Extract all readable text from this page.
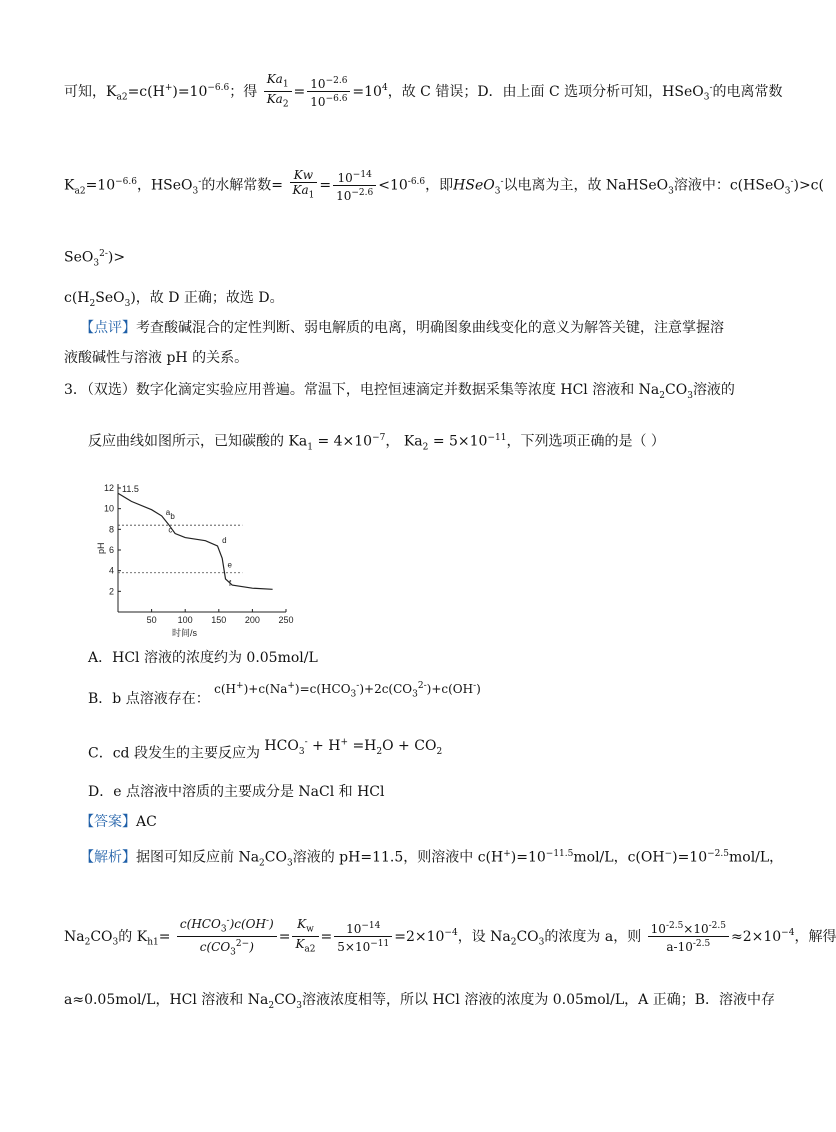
可知，$K_{a2}=c(H^+)=10^{-6.6}$；得 $\frac{Ka_1}{Ka_2} = \frac{10^{-2.6}}{10^{-6.6}} =10^4$，故 C 错误；D．由上面 C 选项分析可知，HSeO$_3$-的电离常数
$K_{a2}=10^{-6.6}$，HSeO$_3$-的水解常数= $\frac{Kw}{Ka_1} = \frac{10^{-14}}{10^{-2.6}} <10^{-6.6}$，即HSeO$_3$-以电离为主，故 NaHSeO$_3$溶液中：c(HSeO$_3$-)>c(
SeO$_3^{2-}$)>
$c(H_2SeO_3)$，故 D 正确；故选 D。
【点评】考查酸碱混合的定性判断、弱电解质的电离，明确图象曲线变化的意义为解答关键，注意掌握溶
液酸碱性与溶液 pH 的关系。
3．（双选）数字化滴定实验应用普遍。常温下，电控恒速滴定并数据采集等浓度 HCl 溶液和 $Na_2CO_3$溶液的
反应曲线如图所示，已知碳酸的 $Ka_1 = 4\times 10^{-7}$， $Ka_2 = 5\times 10^{-11}$，下列选项正确的是（ ）
50 100 150 200 250
2
4
6
8
10
12
a b
c
d
e
f
11.5
时间/s
pH
A．HCl 溶液的浓度约为 0.05mol/L
B．b 点溶液存在： $c(H^+)+c(Na^+)=c(HCO_3^-)+2c(CO_3^{2-})+c(OH^-)$
C．cd 段发生的主要反应为 $HCO_3^- + H^+ =H_2O + CO_2$
D．e 点溶液中溶质的主要成分是 NaCl 和 HCl
【答案】AC
【解析】据图可知反应前 $Na_2CO_3$溶液的 pH=11.5，则溶液中 $c(H^+)=10^{-11.5}mol/L$，$c(OH^-)=10^{-2.5}mol/L$，
$Na_2CO_3$的 $K_{h1}= \frac{c(HCO_3^-)c(OH^-)}{c(CO_3^{2-})} = \frac{K_w}{K_{a2}} = \frac{10^{-14}}{5\times 10^{-11}} =2\times 10^{-4}$，设 $Na_2CO_3$的浓度为 a，则 $\frac{10^{-2.5}\times 10^{-2.5}}{a-10^{-2.5}} \approx 2\times 10^{-4}$，解得
a≈0.05mol/L，HCl 溶液和 $Na_2CO_3$溶液浓度相等，所以 HCl 溶液的浓度为 0.05mol/L，A 正确；B．溶液中存
